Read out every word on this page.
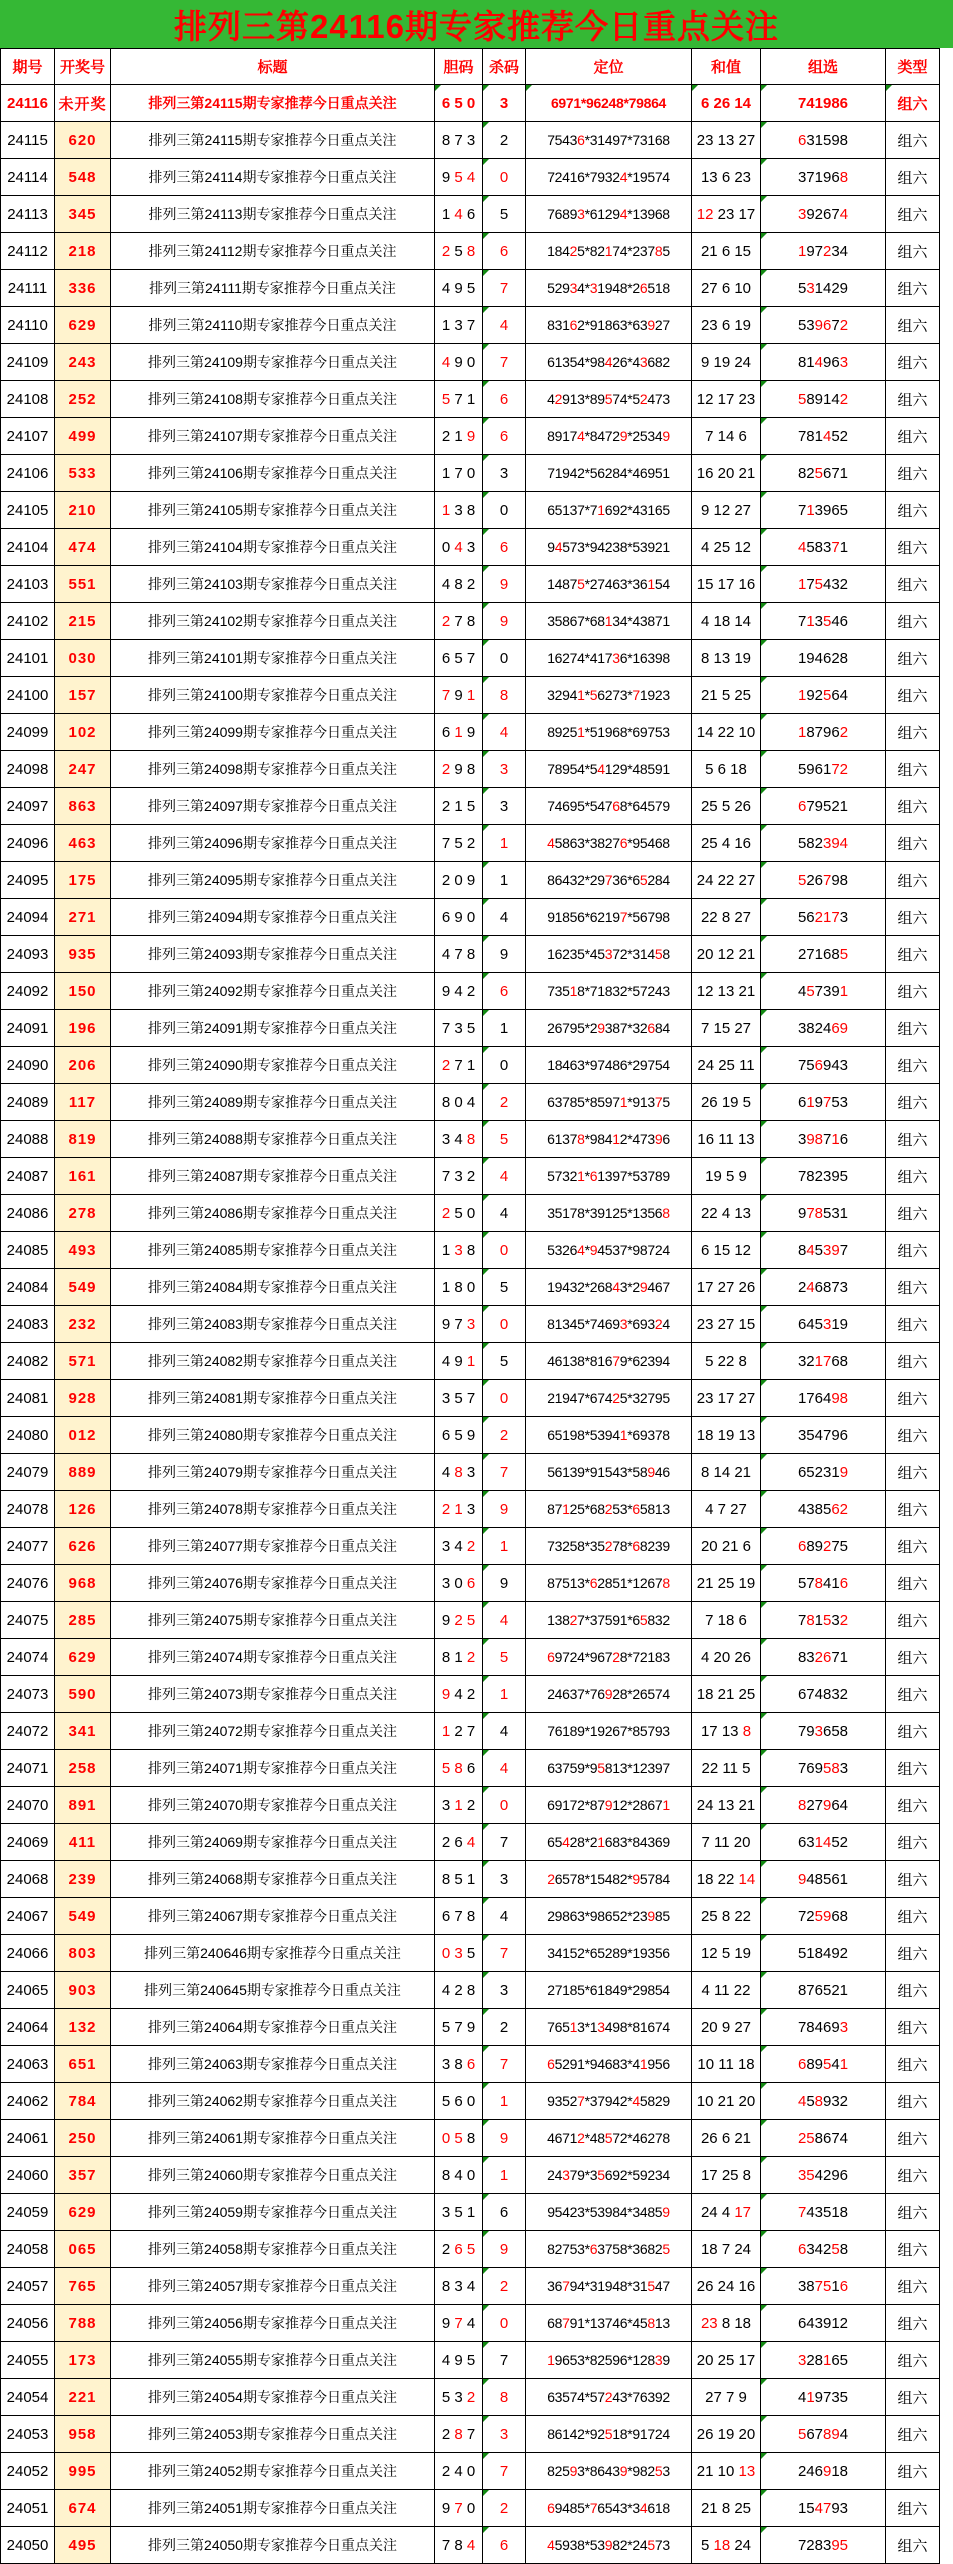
排列三第24116期专家推荐今日重点关注
期号	开奖号	标题	胆码	杀码	定位	和值	组选	类型
24116	未开奖	排列三第24115期专家推荐今日重点关注	6 5 0	3	6971*96248*79864	6 26 14	741986	组六
24115	620	排列三第24115期专家推荐今日重点关注	8 7 3	2	75436*31497*73168	23 13 27	631598	组六
24114	548	排列三第24114期专家推荐今日重点关注	9 5 4	0	72416*79324*19574	13 6 23	371968	组六
24113	345	排列三第24113期专家推荐今日重点关注	1 4 6	5	76893*61294*13968	12 23 17	392674	组六
24112	218	排列三第24112期专家推荐今日重点关注	2 5 8	6	18425*82174*23785	21 6 15	197234	组六
24111	336	排列三第24111期专家推荐今日重点关注	4 9 5	7	52934*31948*26518	27 6 10	531429	组六
24110	629	排列三第24110期专家推荐今日重点关注	1 3 7	4	83162*91863*63927	23 6 19	539672	组六
24109	243	排列三第24109期专家推荐今日重点关注	4 9 0	7	61354*98426*43682	9 19 24	814963	组六
24108	252	排列三第24108期专家推荐今日重点关注	5 7 1	6	42913*89574*52473	12 17 23	589142	组六
24107	499	排列三第24107期专家推荐今日重点关注	2 1 9	6	89174*84729*25349	7 14 6	781452	组六
24106	533	排列三第24106期专家推荐今日重点关注	1 7 0	3	71942*56284*46951	16 20 21	825671	组六
24105	210	排列三第24105期专家推荐今日重点关注	1 3 8	0	65137*71692*43165	9 12 27	713965	组六
24104	474	排列三第24104期专家推荐今日重点关注	0 4 3	6	94573*94238*53921	4 25 12	458371	组六
24103	551	排列三第24103期专家推荐今日重点关注	4 8 2	9	14875*27463*36154	15 17 16	175432	组六
24102	215	排列三第24102期专家推荐今日重点关注	2 7 8	9	35867*68134*43871	4 18 14	713546	组六
24101	030	排列三第24101期专家推荐今日重点关注	6 5 7	0	16274*41736*16398	8 13 19	194628	组六
24100	157	排列三第24100期专家推荐今日重点关注	7 9 1	8	32941*56273*71923	21 5 25	192564	组六
24099	102	排列三第24099期专家推荐今日重点关注	6 1 9	4	89251*51968*69753	14 22 10	187962	组六
24098	247	排列三第24098期专家推荐今日重点关注	2 9 8	3	78954*54129*48591	5 6 18	596172	组六
24097	863	排列三第24097期专家推荐今日重点关注	2 1 5	3	74695*54768*64579	25 5 26	679521	组六
24096	463	排列三第24096期专家推荐今日重点关注	7 5 2	1	45863*38276*95468	25 4 16	582394	组六
24095	175	排列三第24095期专家推荐今日重点关注	2 0 9	1	86432*29736*65284	24 22 27	526798	组六
24094	271	排列三第24094期专家推荐今日重点关注	6 9 0	4	91856*62197*56798	22 8 27	562173	组六
24093	935	排列三第24093期专家推荐今日重点关注	4 7 8	9	16235*45372*31458	20 12 21	271685	组六
24092	150	排列三第24092期专家推荐今日重点关注	9 4 2	6	73518*71832*57243	12 13 21	457391	组六
24091	196	排列三第24091期专家推荐今日重点关注	7 3 5	1	26795*29387*32684	7 15 27	382469	组六
24090	206	排列三第24090期专家推荐今日重点关注	2 7 1	0	18463*97486*29754	24 25 11	756943	组六
24089	117	排列三第24089期专家推荐今日重点关注	8 0 4	2	63785*85971*91375	26 19 5	619753	组六
24088	819	排列三第24088期专家推荐今日重点关注	3 4 8	5	61378*98412*47396	16 11 13	398716	组六
24087	161	排列三第24087期专家推荐今日重点关注	7 3 2	4	57321*61397*53789	19 5 9	782395	组六
24086	278	排列三第24086期专家推荐今日重点关注	2 5 0	4	35178*39125*13568	22 4 13	978531	组六
24085	493	排列三第24085期专家推荐今日重点关注	1 3 8	0	53264*94537*98724	6 15 12	845397	组六
24084	549	排列三第24084期专家推荐今日重点关注	1 8 0	5	19432*26843*29467	17 27 26	246873	组六
24083	232	排列三第24083期专家推荐今日重点关注	9 7 3	0	81345*74693*69324	23 27 15	645319	组六
24082	571	排列三第24082期专家推荐今日重点关注	4 9 1	5	46138*81679*62394	5 22 8	321768	组六
24081	928	排列三第24081期专家推荐今日重点关注	3 5 7	0	21947*67425*32795	23 17 27	176498	组六
24080	012	排列三第24080期专家推荐今日重点关注	6 5 9	2	65198*53941*69378	18 19 13	354796	组六
24079	889	排列三第24079期专家推荐今日重点关注	4 8 3	7	56139*91543*58946	8 14 21	652319	组六
24078	126	排列三第24078期专家推荐今日重点关注	2 1 3	9	87125*68253*65813	4 7 27	438562	组六
24077	626	排列三第24077期专家推荐今日重点关注	3 4 2	1	73258*35278*68239	20 21 6	689275	组六
24076	968	排列三第24076期专家推荐今日重点关注	3 0 6	9	87513*62851*12678	21 25 19	578416	组六
24075	285	排列三第24075期专家推荐今日重点关注	9 2 5	4	13827*37591*65832	7 18 6	781532	组六
24074	629	排列三第24074期专家推荐今日重点关注	8 1 2	5	69724*96728*72183	4 20 26	832671	组六
24073	590	排列三第24073期专家推荐今日重点关注	9 4 2	1	24637*76928*26574	18 21 25	674832	组六
24072	341	排列三第24072期专家推荐今日重点关注	1 2 7	4	76189*19267*85793	17 13 8	793658	组六
24071	258	排列三第24071期专家推荐今日重点关注	5 8 6	4	63759*95813*12397	22 11 5	769583	组六
24070	891	排列三第24070期专家推荐今日重点关注	3 1 2	0	69172*87912*28671	24 13 21	827964	组六
24069	411	排列三第24069期专家推荐今日重点关注	2 6 4	7	65428*21683*84369	7 11 20	631452	组六
24068	239	排列三第24068期专家推荐今日重点关注	8 5 1	3	26578*15482*95784	18 22 14	948561	组六
24067	549	排列三第24067期专家推荐今日重点关注	6 7 8	4	29863*98652*23985	25 8 22	725968	组六
24066	803	排列三第240646期专家推荐今日重点关注	0 3 5	7	34152*65289*19356	12 5 19	518492	组六
24065	903	排列三第240645期专家推荐今日重点关注	4 2 8	3	27185*61849*29854	4 11 22	876521	组六
24064	132	排列三第24064期专家推荐今日重点关注	5 7 9	2	76513*13498*81674	20 9 27	784693	组六
24063	651	排列三第24063期专家推荐今日重点关注	3 8 6	7	65291*94683*41956	10 11 18	689541	组六
24062	784	排列三第24062期专家推荐今日重点关注	5 6 0	1	93527*37942*45829	10 21 20	458932	组六
24061	250	排列三第24061期专家推荐今日重点关注	0 5 8	9	46712*48572*46278	26 6 21	258674	组六
24060	357	排列三第24060期专家推荐今日重点关注	8 4 0	1	24379*35692*59234	17 25 8	354296	组六
24059	629	排列三第24059期专家推荐今日重点关注	3 5 1	6	95423*53984*34859	24 4 17	743518	组六
24058	065	排列三第24058期专家推荐今日重点关注	2 6 5	9	82753*63758*36825	18 7 24	634258	组六
24057	765	排列三第24057期专家推荐今日重点关注	8 3 4	2	36794*31948*31547	26 24 16	387516	组六
24056	788	排列三第24056期专家推荐今日重点关注	9 7 4	0	68791*13746*45813	23 8 18	643912	组六
24055	173	排列三第24055期专家推荐今日重点关注	4 9 5	7	19653*82596*12839	20 25 17	328165	组六
24054	221	排列三第24054期专家推荐今日重点关注	5 3 2	8	63574*57243*76392	27 7 9	419735	组六
24053	958	排列三第24053期专家推荐今日重点关注	2 8 7	3	86142*92518*91724	26 19 20	567894	组六
24052	995	排列三第24052期专家推荐今日重点关注	2 4 0	7	82593*86439*98253	21 10 13	246918	组六
24051	674	排列三第24051期专家推荐今日重点关注	9 7 0	2	69485*76543*34618	21 8 25	154793	组六
24050	495	排列三第24050期专家推荐今日重点关注	7 8 4	6	45938*53982*24573	5 18 24	728395	组六
